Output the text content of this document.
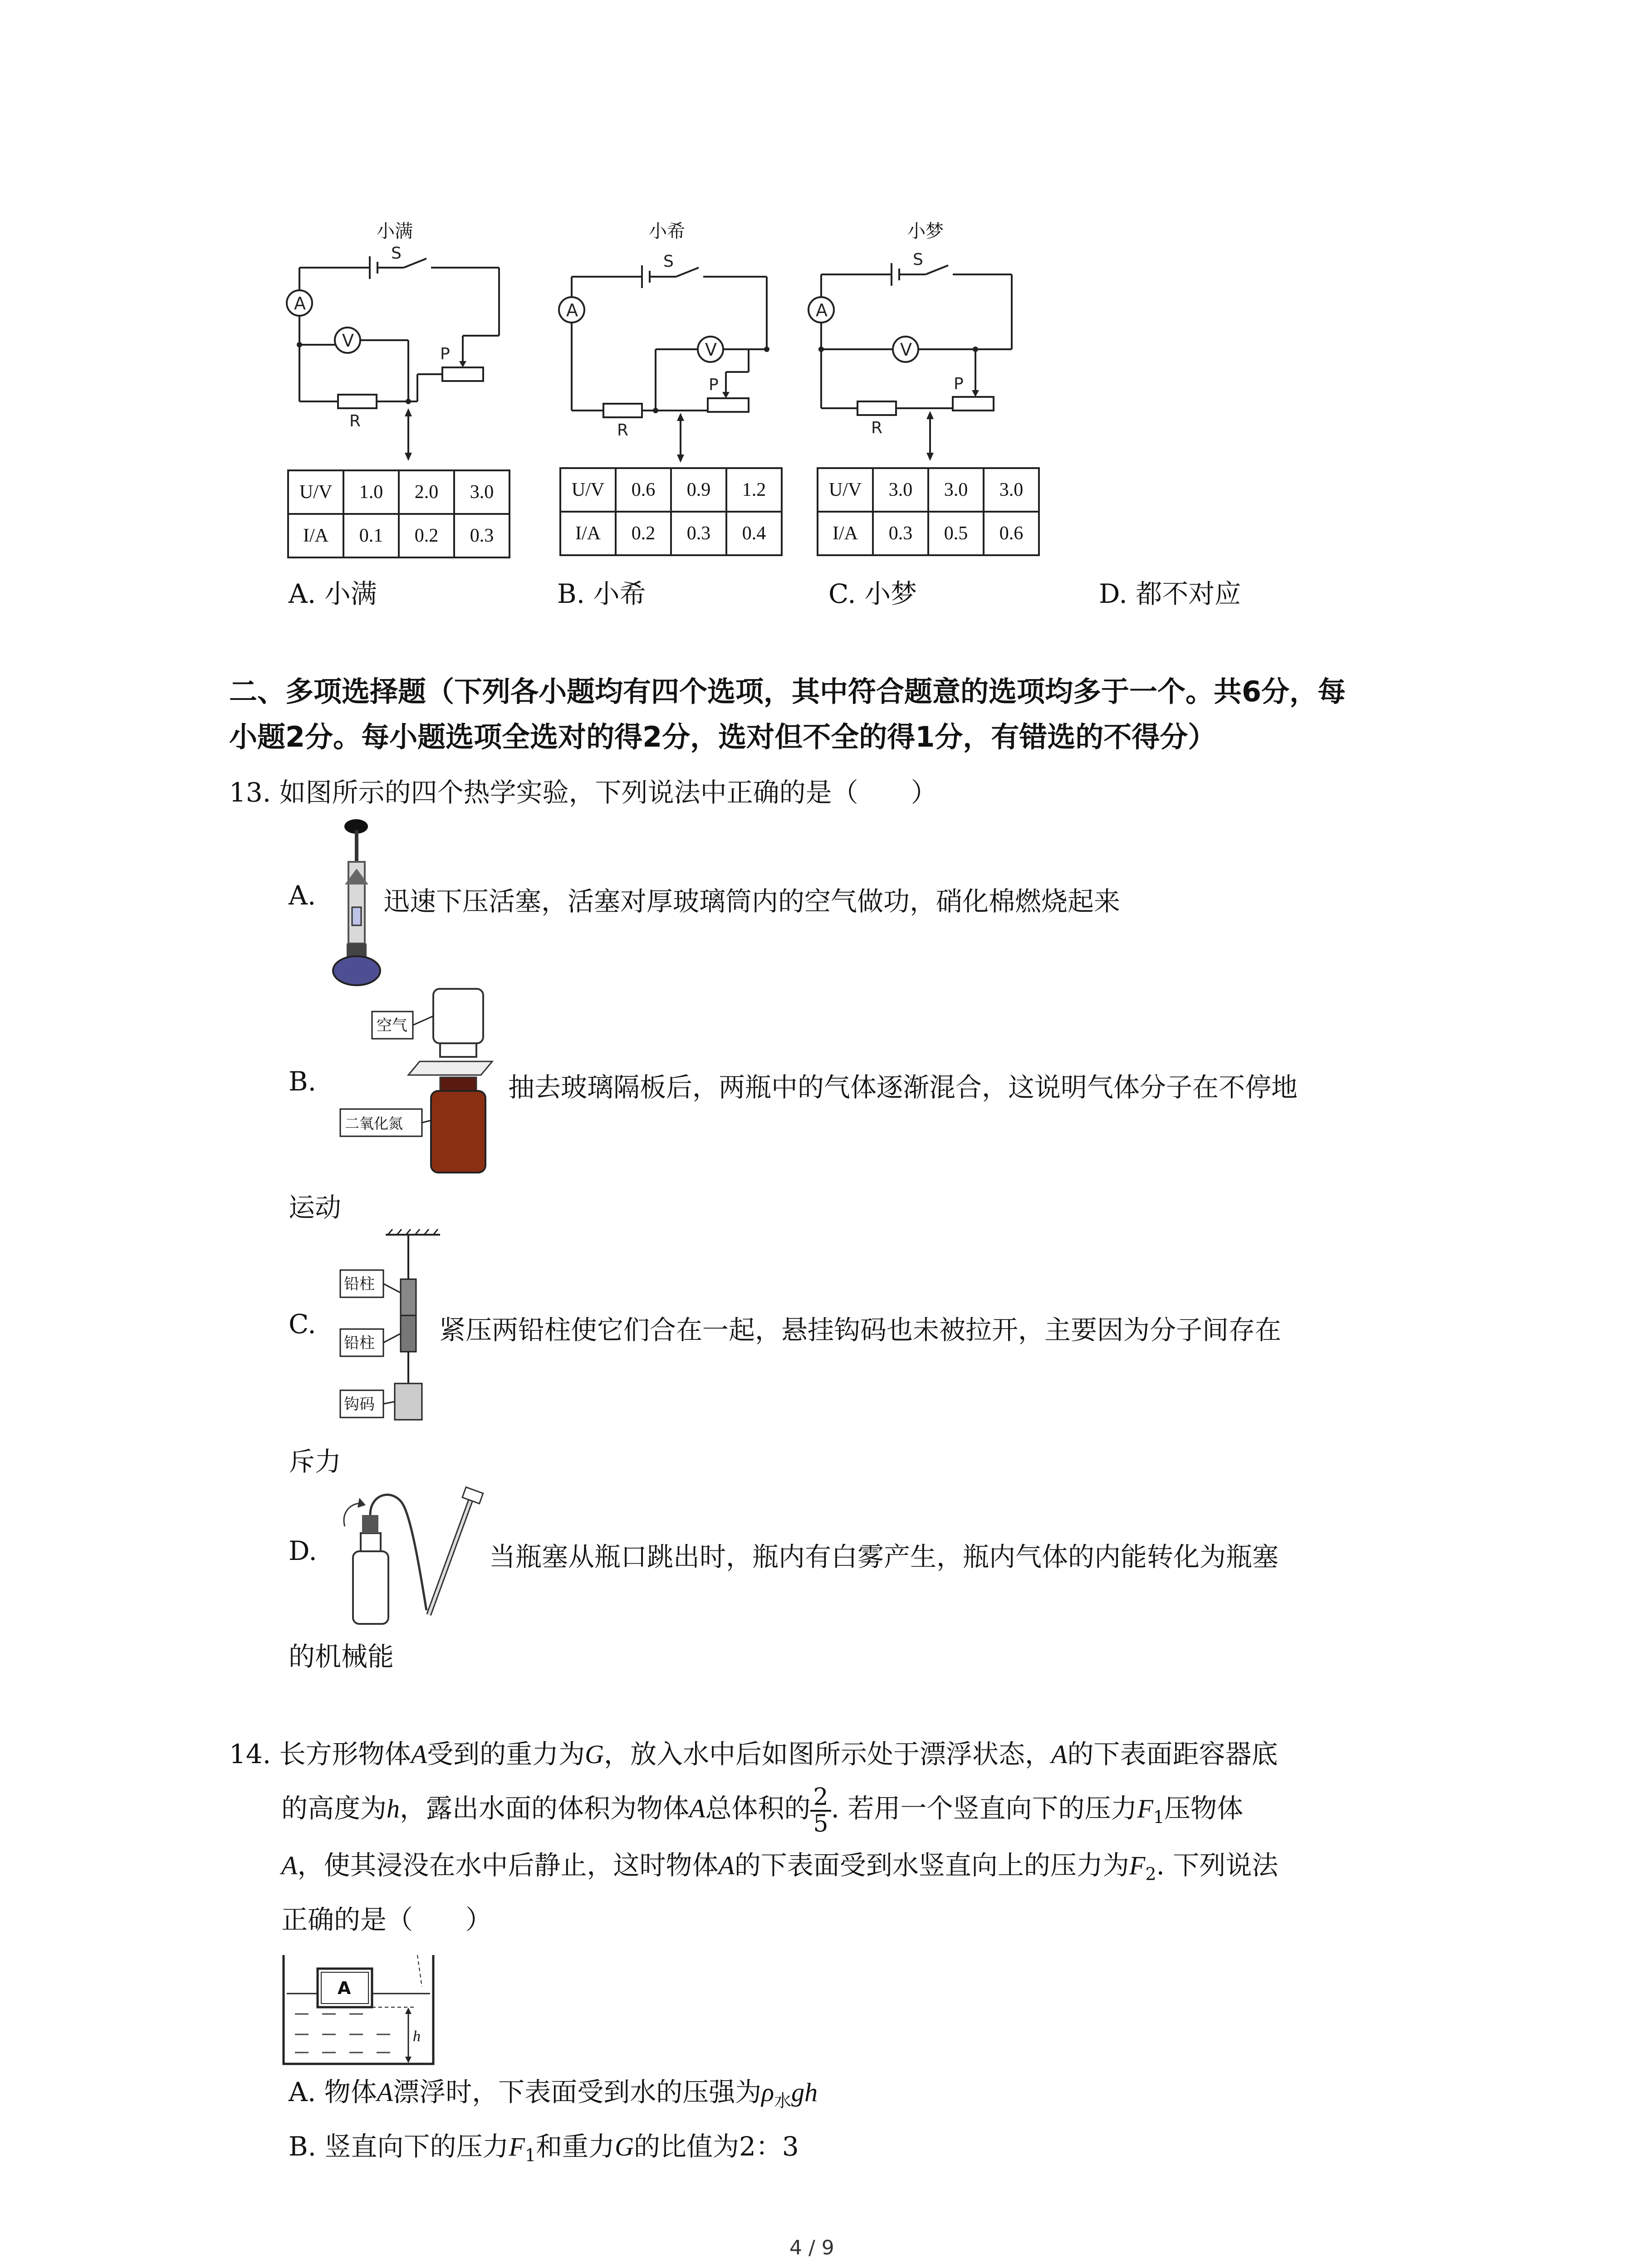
小满
A
V
S
R
P
U/V	1.0	2.0	3.0
I/A	0.1	0.2	0.3
小希
A
V
S
R
P
U/V	0.6	0.9	1.2
I/A	0.2	0.3	0.4
小梦
A
V
S
R
P
U/V	3.0	3.0	3.0
I/A	0.3	0.5	0.6
A. 小满	B. 小希	C. 小梦	D. 都不对应
二、多项选择题（下列各小题均有四个选项，其中符合题意的选项均多于一个。共6分，每
小题2分。每小题选项全选对的得2分，选对但不全的得1分，有错选的不得分）
13. 如图所示的四个热学实验，下列说法中正确的是（　　）
A.	迅速下压活塞，活塞对厚玻璃筒内的空气做功，硝化棉燃烧起来
B.
空气
二氧化氮
抽去玻璃隔板后，两瓶中的气体逐渐混合，这说明气体分子在不停地
运动
C.
铅柱
铅柱
钩码
紧压两铅柱使它们合在一起，悬挂钩码也未被拉开，主要因为分子间存在
斥力
D.	当瓶塞从瓶口跳出时，瓶内有白雾产生，瓶内气体的内能转化为瓶塞
的机械能
14. 长方形物体A受到的重力为G，放入水中后如图所示处于漂浮状态，A的下表面距容器底
的高度为h，露出水面的体积为物体A总体积的 $\frac{2}{5}$ . 若用一个竖直向下的压力$F_1$压物体
A，使其浸没在水中后静止，这时物体A的下表面受到水竖直向上的压力为$F_2$. 下列说法
正确的是（　　）
A
h
A. 物体A漂浮时，下表面受到水的压强为$\rho_水gh$
B. 竖直向下的压力$F_1$和重力G的比值为2：3
4 / 9
